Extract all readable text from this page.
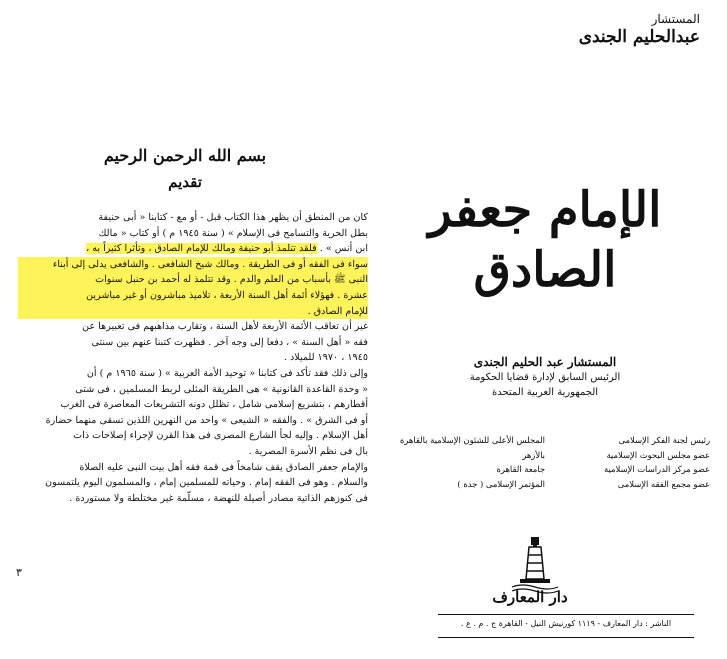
بسم الله الرحمن الرحيم
تقديم
كان من المنطق أن يظهر هذا الكتاب قبل - أو مع - كتابنا « أبى حنيفة
بطل الحرية والتسامح فى الإسلام » ( سنة ١٩٤٥ م ) أو كتاب « مالك
ابن أنس » . فلقد تتلمذ أبو حنيفة ومالك للإمام الصادق ، وتأثرا كثيراً به ،
سواء فى الفقه أو فى الطريقة . ومالك شيخ الشافعى . والشافعى يدلى إلى أبناء
النبى ﷺ بأسباب من العلم والدم . وقد تتلمذ له أحمد بن حنبل سنوات
عشرة . فهؤلاء أئمة أهل السنة الأربعة ، تلاميذ مباشرون أو غير مباشرين
للإمام الصادق .
غير أن تعاقب الأئمة الأربعة لأهل السنة ، وتقارب مذاهبهم فى تعبيرها عن
فقه « أهل السنة » ، دفعا إلى وجه آخر . فظهرت كتبنا عنهم بين سنتى
١٩٤٥ ، ١٩٧٠ للميلاد .
وإلى ذلك فقد تأكد فى كتابنا « توحيد الأمة العربية » ( سنة ١٩٦٥ م ) أن
« وحدة القاعدة القانونية » هى الطريقة المثلى لربط المسلمين ، فى شتى
أقطارهم ، بتشريع إسلامى شامل ، تظلل دونه التشريعات المعاصرة فى الغرب
أو فى الشرق » . والفقه « الشيعى » واحد من النهرين اللذين تسقى منهما حضارة
أهل الإسلام . وإليه لجأ الشارع المصرى فى هذا القرن لإجراء إصلاحات ذات
بال فى نظم الأسرة المصرية .
والإمام جعفر الصادق يقف شامخاً فى قمة فقه أهل بيت النبى عليه الصلاة
والسلام . وهو فى الفقه إمام . وحياته للمسلمين إمام ، والمسلمون اليوم يلتمسون
فى كنوزهم الذاتية مصادر أصيلة للنهضة ، مسلّمة غير مختلطة ولا مستوردة .
٣
المستشار
عبدالحليم الجندى
الإمام جعفر الصادق
المستشار عبد الحليم الجندى
الرئيس السابق لإدارة قضايا الحكومة
الجمهورية العربية المتحدة
رئيس لجنة الفكر الإسلامى
عضو مجلس البحوث الإسلامية
عضو مركز الدراسات الإسلامية
عضو مجمع الفقه الإسلامى
المجلس الأعلى للشئون الإسلامية بالقاهرة
بالأزهر
جامعة القاهرة
المؤتمر الإسلامى ( جدة )
دار المعارف
الناشر : دار المعارف - ١١١٩ كورنيش النيل - القاهرة ج . م . ع .
